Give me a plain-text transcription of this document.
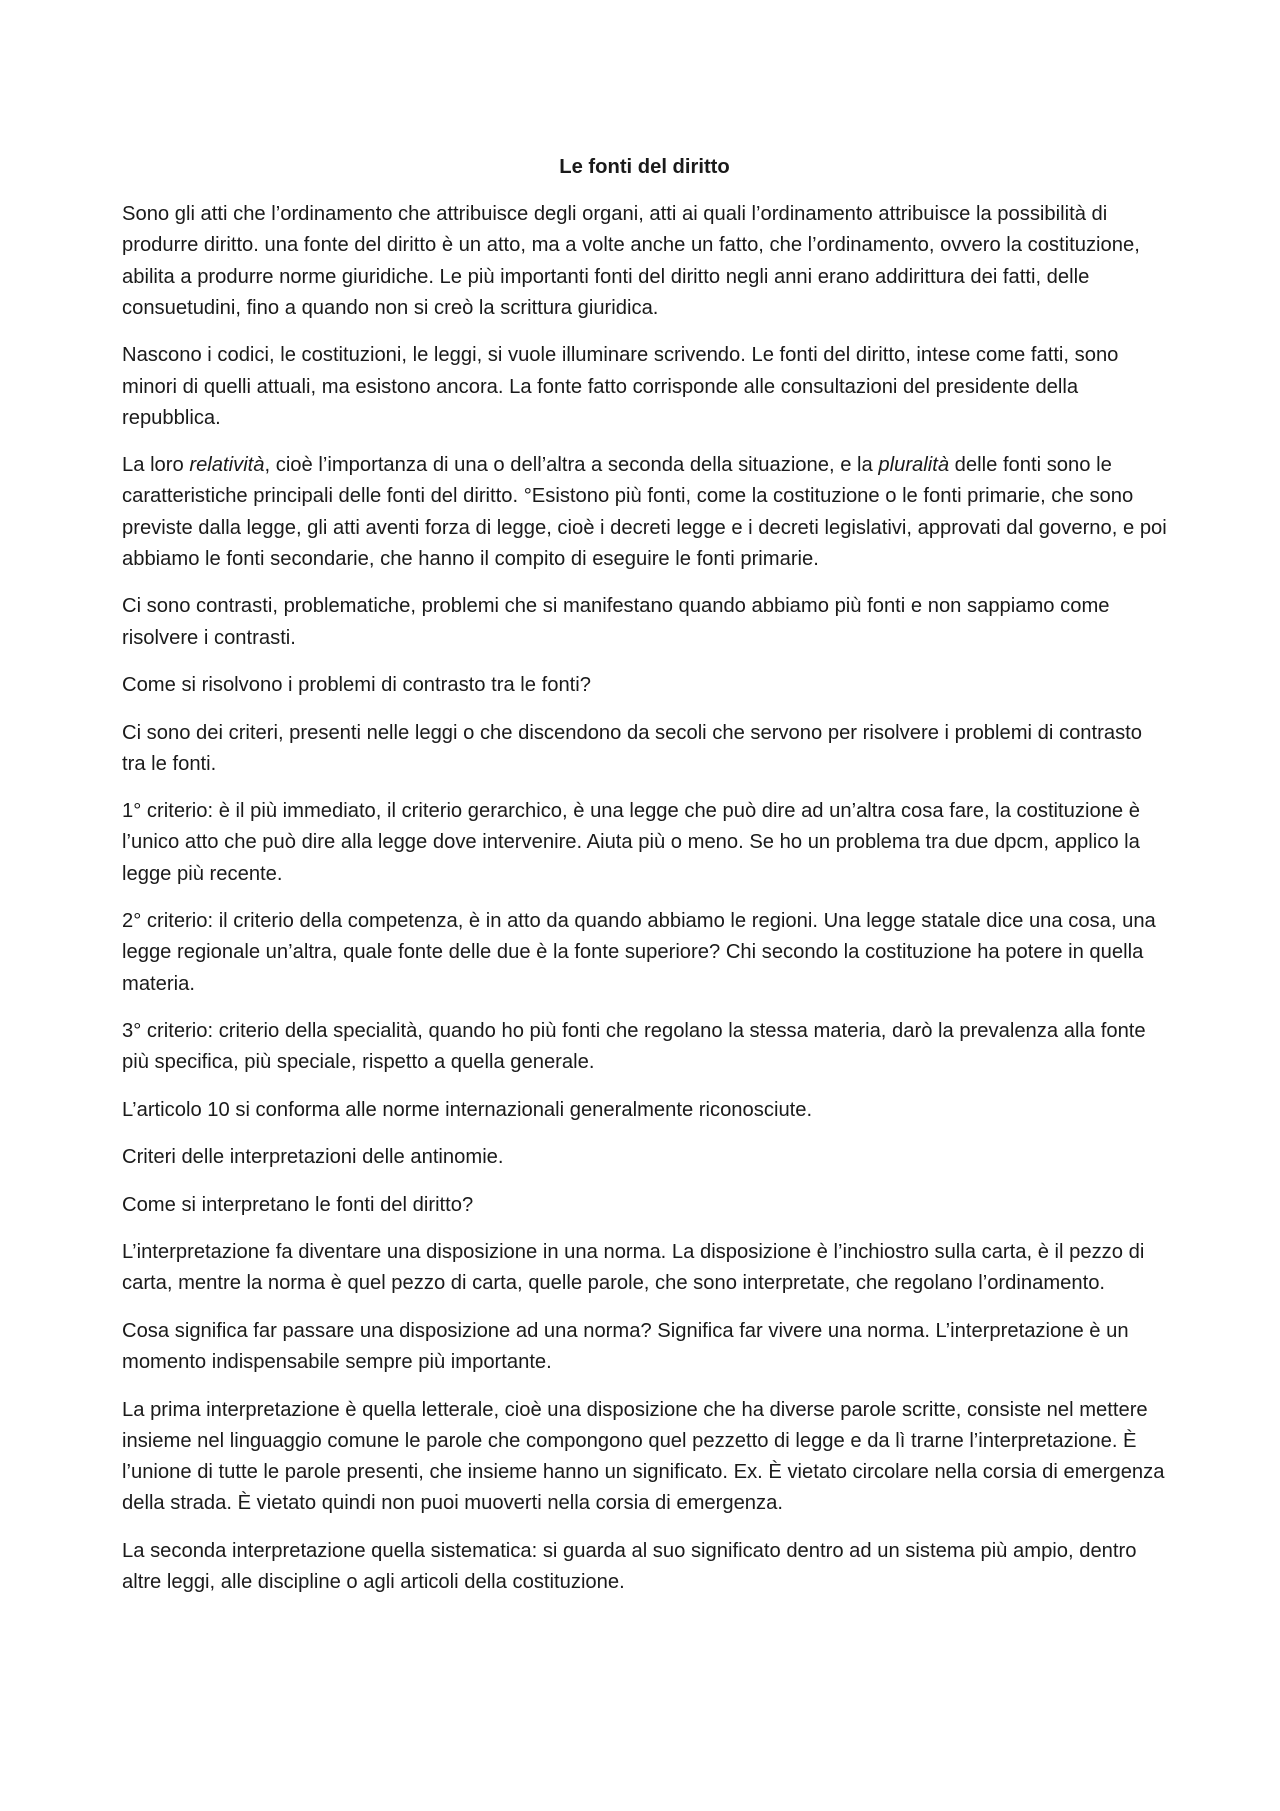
Le fonti del diritto

Sono gli atti che l’ordinamento che attribuisce degli organi, atti ai quali l’ordinamento attribuisce la possibilità di produrre diritto. una fonte del diritto è un atto, ma a volte anche un fatto, che l’ordinamento, ovvero la costituzione, abilita a produrre norme giuridiche. Le più importanti fonti del diritto negli anni erano addirittura dei fatti, delle consuetudini, fino a quando non si creò la scrittura giuridica.

Nascono i codici, le costituzioni, le leggi, si vuole illuminare scrivendo. Le fonti del diritto, intese come fatti, sono minori di quelli attuali, ma esistono ancora. La fonte fatto corrisponde alle consultazioni del presidente della repubblica.

La loro relatività, cioè l’importanza di una o dell’altra a seconda della situazione, e la pluralità delle fonti sono le caratteristiche principali delle fonti del diritto. °Esistono più fonti, come la costituzione o le fonti primarie, che sono previste dalla legge, gli atti aventi forza di legge, cioè i decreti legge e i decreti legislativi, approvati dal governo, e poi abbiamo le fonti secondarie, che hanno il compito di eseguire le fonti primarie.

Ci sono contrasti, problematiche, problemi che si manifestano quando abbiamo più fonti e non sappiamo come risolvere i contrasti.

Come si risolvono i problemi di contrasto tra le fonti?

Ci sono dei criteri, presenti nelle leggi o che discendono da secoli che servono per risolvere i problemi di contrasto tra le fonti.

1° criterio: è il più immediato, il criterio gerarchico, è una legge che può dire ad un’altra cosa fare, la costituzione è l’unico atto che può dire alla legge dove intervenire. Aiuta più o meno. Se ho un problema tra due dpcm, applico la legge più recente.

2° criterio: il criterio della competenza, è in atto da quando abbiamo le regioni. Una legge statale dice una cosa, una legge regionale un’altra, quale fonte delle due è la fonte superiore? Chi secondo la costituzione ha potere in quella materia.

3° criterio: criterio della specialità, quando ho più fonti che regolano la stessa materia, darò la prevalenza alla fonte più specifica, più speciale, rispetto a quella generale.

L’articolo 10 si conforma alle norme internazionali generalmente riconosciute.

Criteri delle interpretazioni delle antinomie.

Come si interpretano le fonti del diritto?

L’interpretazione fa diventare una disposizione in una norma. La disposizione è l’inchiostro sulla carta, è il pezzo di carta, mentre la norma è quel pezzo di carta, quelle parole, che sono interpretate, che regolano l’ordinamento.

Cosa significa far passare una disposizione ad una norma? Significa far vivere una norma. L’interpretazione è un momento indispensabile sempre più importante.

La prima interpretazione è quella letterale, cioè una disposizione che ha diverse parole scritte, consiste nel mettere insieme nel linguaggio comune le parole che compongono quel pezzetto di legge e da lì trarne l’interpretazione. È l’unione di tutte le parole presenti, che insieme hanno un significato. Ex. È vietato circolare nella corsia di emergenza della strada. È vietato quindi non puoi muoverti nella corsia di emergenza.

La seconda interpretazione quella sistematica: si guarda al suo significato dentro ad un sistema più ampio, dentro altre leggi, alle discipline o agli articoli della costituzione.
